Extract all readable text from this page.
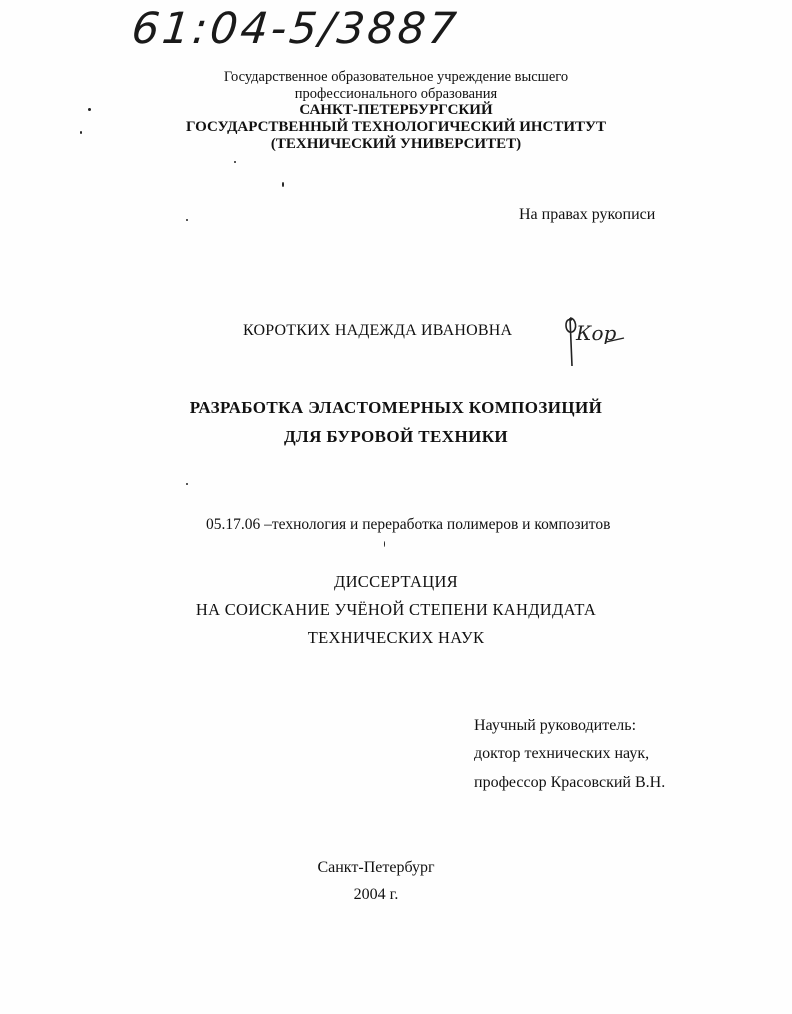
61:04-5/3887
Государственное образовательное учреждение высшего
профессионального образования
САНКТ-ПЕТЕРБУРГСКИЙ
ГОСУДАРСТВЕННЫЙ ТЕХНОЛОГИЧЕСКИЙ ИНСТИТУТ
(ТЕХНИЧЕСКИЙ УНИВЕРСИТЕТ)
На правах рукописи
КОРОТКИХ НАДЕЖДА ИВАНОВНА	Кор
РАЗРАБОТКА ЭЛАСТОМЕРНЫХ КОМПОЗИЦИЙ
ДЛЯ БУРОВОЙ ТЕХНИКИ
05.17.06 –технология и переработка полимеров и композитов
ДИССЕРТАЦИЯ
НА СОИСКАНИЕ УЧЁНОЙ СТЕПЕНИ КАНДИДАТА
ТЕХНИЧЕСКИХ НАУК
Научный руководитель:
доктор технических наук,
профессор Красовский В.Н.
Санкт-Петербург
2004 г.
